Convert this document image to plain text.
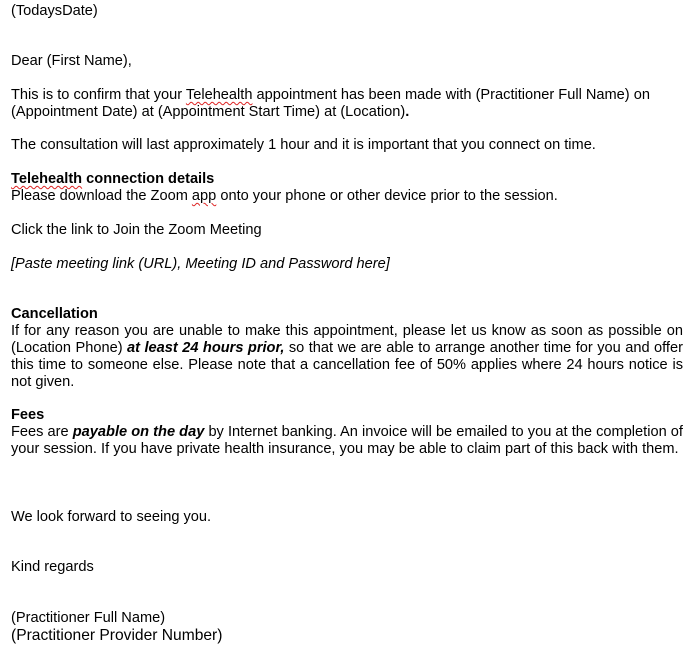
(TodaysDate)

Dear (First Name),

This is to confirm that your Telehealth appointment has been made with (Practitioner Full Name) on (Appointment Date) at (Appointment Start Time) at (Location).

The consultation will last approximately 1 hour and it is important that you connect on time.

Telehealth connection details

Please download the Zoom app onto your phone or other device prior to the session.

Click the link to Join the Zoom Meeting

[Paste meeting link (URL), Meeting ID and Password here]

Cancellation

If for any reason you are unable to make this appointment, please let us know as soon as possible on (Location Phone) at least 24 hours prior, so that we are able to arrange another time for you and offer this time to someone else. Please note that a cancellation fee of 50% applies where 24 hours notice is not given.

Fees

Fees are payable on the day by Internet banking. An invoice will be emailed to you at the completion of your session. If you have private health insurance, you may be able to claim part of this back with them.

We look forward to seeing you.

Kind regards

(Practitioner Full Name)

(Practitioner Provider Number)
